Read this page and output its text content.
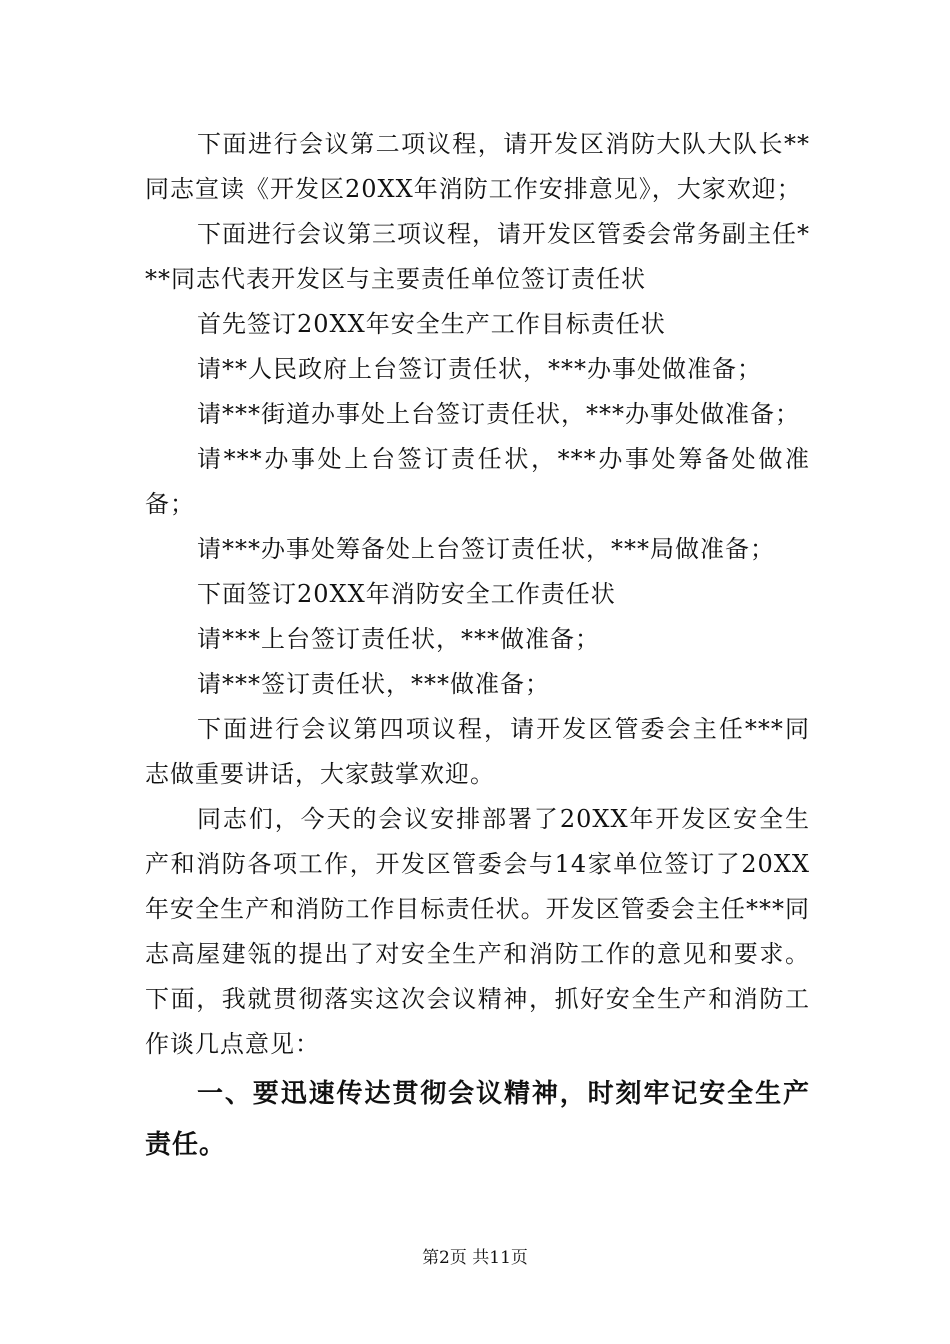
下面进行会议第二项议程，请开发区消防大队大队长**同志宣读《开发区20XX年消防工作安排意见》，大家欢迎；

下面进行会议第三项议程，请开发区管委会常务副主任***同志代表开发区与主要责任单位签订责任状

首先签订20XX年安全生产工作目标责任状

请**人民政府上台签订责任状，***办事处做准备；

请***街道办事处上台签订责任状，***办事处做准备；

请***办事处上台签订责任状，***办事处筹备处做准备；

请***办事处筹备处上台签订责任状，***局做准备；

下面签订20XX年消防安全工作责任状

请***上台签订责任状，***做准备；

请***签订责任状，***做准备；

下面进行会议第四项议程，请开发区管委会主任***同志做重要讲话，大家鼓掌欢迎。

同志们，今天的会议安排部署了20XX年开发区安全生产和消防各项工作，开发区管委会与14家单位签订了20XX年安全生产和消防工作目标责任状。开发区管委会主任***同志高屋建瓴的提出了对安全生产和消防工作的意见和要求。下面，我就贯彻落实这次会议精神，抓好安全生产和消防工作谈几点意见：

一、要迅速传达贯彻会议精神，时刻牢记安全生产责任。

第2页 共11页
